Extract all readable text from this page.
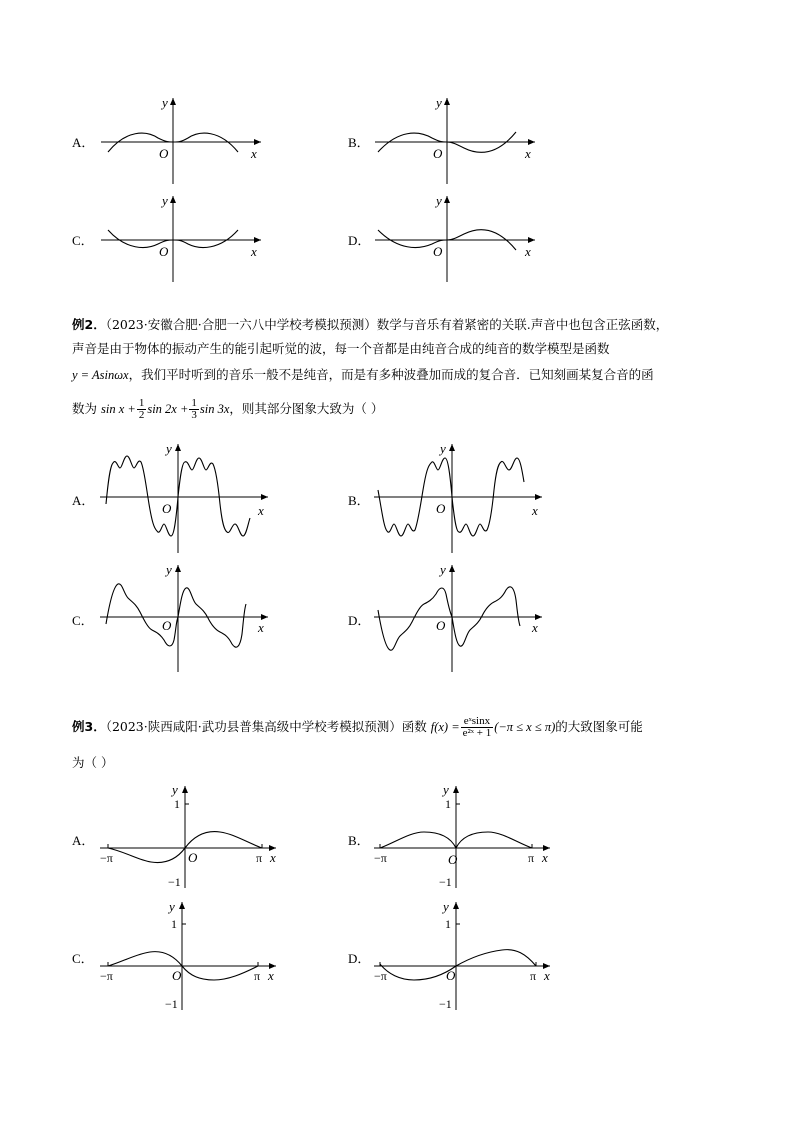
A．
x
y
O
B．
x
y
O
C．
x
y
O
D．
x
y
O
例2．（2023·安徽合肥·合肥一六八中学校考模拟预测）数学与音乐有着紧密的关联.声音中也包含正弦函数，
声音是由于物体的振动产生的能引起听觉的波，每一个音都是由纯音合成的纯音的数学模型是函数
y = Asinωx，我们平时听到的音乐一般不是纯音，而是有多种波叠加而成的复合音．已知刻画某复合音的函
数为 $\sin x + \frac{1}{2}$ $\sin 2x + \frac{1}{3}$ sin 3x，则其部分图象大致为（ ）
A．
x
y
O
B．
x
y
O
C．	x
y
O	D．	x
y
O
例3．（2023·陕西咸阳·武功县普集高级中学校考模拟预测）函数 $f(x) = \frac{\text{eˣsinx}}{\text{e²ˣ + 1}} (-\pi \le x \le \pi)$的大致图象可能
为（ ）
A．
1
−1
−π	π x
y
O
B．
1
−1
−π	π x
y
O
C．
1
−1
−π	π x
y
O
D．
1
−1
−π	π x
y
O
